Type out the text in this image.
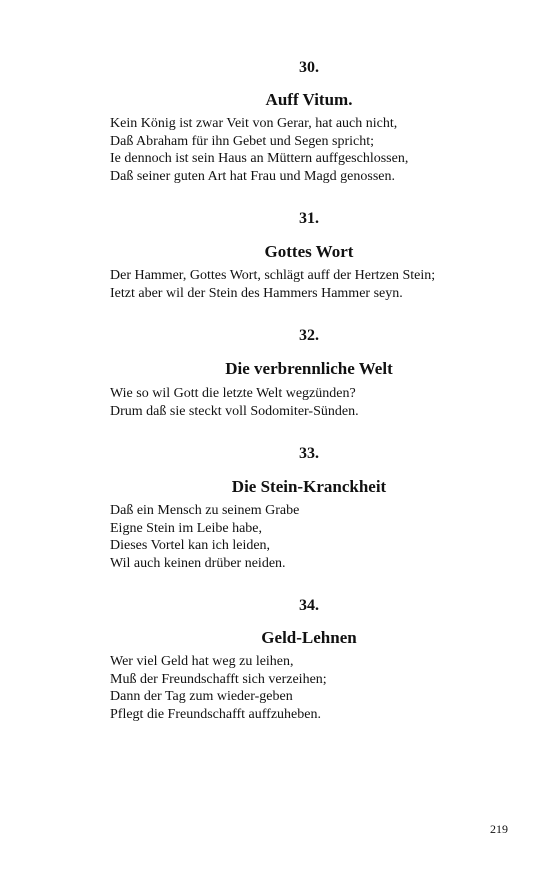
30.
Auff Vitum.
Kein König ist zwar Veit von Gerar, hat auch nicht,
Daß Abraham für ihn Gebet und Segen spricht;
Ie dennoch ist sein Haus an Müttern auffgeschlossen,
Daß seiner guten Art hat Frau und Magd genossen.
31.
Gottes Wort
Der Hammer, Gottes Wort, schlägt auff der Hertzen Stein;
Ietzt aber wil der Stein des Hammers Hammer seyn.
32.
Die verbrennliche Welt
Wie so wil Gott die letzte Welt wegzünden?
Drum daß sie steckt voll Sodomiter-Sünden.
33.
Die Stein-Kranckheit
Daß ein Mensch zu seinem Grabe
Eigne Stein im Leibe habe,
Dieses Vortel kan ich leiden,
Wil auch keinen drüber neiden.
34.
Geld-Lehnen
Wer viel Geld hat weg zu leihen,
Muß der Freundschafft sich verzeihen;
Dann der Tag zum wieder-geben
Pflegt die Freundschafft auffzuheben.
219
